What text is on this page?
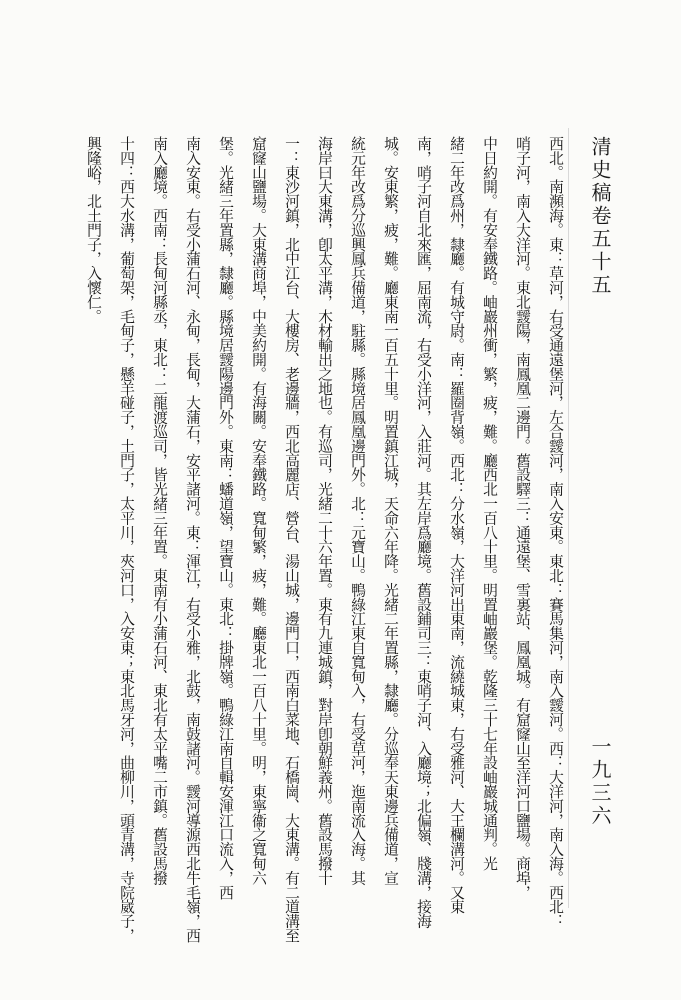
清史稿卷五十五
一九三六
西北。南瀕海。東：草河，右受通遠堡河，左合靉河，南入安東。東北：賽馬集河，南入靉河。西：大洋河，南入海。西北：
哨子河，南入大洋河。東北靉陽，南鳳凰二邊門。舊設驛三：通遠堡、雪裏站、鳳凰城。有窟窿山至洋河口鹽場。商埠，
中日約開。有安奉鐵路。岫巖州衝，繁，疲，難。廳西北一百八十里。明置岫巖堡。乾隆三十七年設岫巖城通判。光
緒二年改爲州，隸廳。有城守尉。南：羅圈背嶺。西北：分水嶺，大洋河出東南，流繞城東，右受雅河、大王欄溝河。又東
南，哨子河自北來匯，屈南流，右受小洋河，入莊河。其左岸爲廳境。舊設鋪司三：東哨子河、入廳境；北偏嶺、牋溝，接海
城。安東繁，疲，難。廳東南一百五十里。明置鎮江城，天命六年降。光緒二年置縣，隸廳。分巡奉天東邊兵備道，宣
統元年改爲分巡興鳳兵備道，駐縣。縣境居鳳凰邊門外。北：元寶山。鴨綠江東自寬甸入，右受草河，迤南流入海。其
海岸曰大東溝，卽太平溝，木材輸出之地也。有巡司，光緒二十六年置。東有九連城鎮，對岸卽朝鮮義州。舊設馬撥十
一：東沙河鎮，北中江台、大樓房、老邊牆，西北高麗店、營台、湯山城，邊門口，西南白菜地、石橋崗、大東溝。有二道溝至
窟窿山鹽場。大東溝商埠，中美約開。有海關。安奉鐵路。寬甸繁，疲，難。廳東北一百八十里。明，東寧衞之寬甸六
堡。光緒三年置縣，隸廳。縣境居靉陽邊門外。東南：蟠道嶺，望寶山。東北：掛牌嶺。鴨綠江南自輯安渾江口流入，西
南入安東。右受小蒲石河、永甸，長甸，大蒲石，安平諸河。東：渾江，右受小雅，北鼓，南鼓諸河。靉河導源西北牛毛嶺，西
南入廳境。西南：長甸河縣丞，東北：二龍渡巡司，皆光緒三年置。東南有小蒲石河、東北有太平嘴二市鎮。舊設馬撥
十四：西大水溝，葡萄架，毛甸子，懸羊碰子，土門子，太平川，夾河口，入安東；東北馬牙河，曲柳川，頭青溝，寺院崴子，
興隆峪，北土門子，入懷仁。
